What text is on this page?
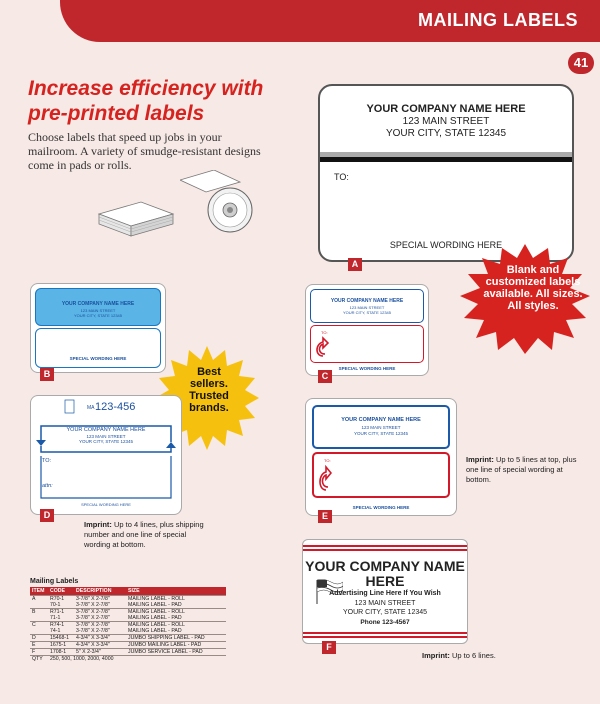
MAILING LABELS
41
Increase efficiency with pre-printed labels
Choose labels that speed up jobs in your mailroom. A variety of smudge-resistant designs come in pads or rolls.
YOUR COMPANY NAME HERE
123 MAIN STREET
YOUR CITY, STATE 12345
TO:
SPECIAL WORDING HERE
A	Blank and customized labels available. All sizes. All styles.
YOUR COMPANY NAME HERE
123 MAIN STREET
YOUR CITY, STATE 12345
SPECIAL WORDING HERE
B
YOUR COMPANY NAME HERE
123 MAIN STREET
YOUR CITY, STATE 12345
TO:
SPECIAL WORDING HERE
C
Best sellers. Trusted brands.
MA 123-456
YOUR COMPANY NAME HERE
123 MAIN STREET
YOUR CITY, STATE 12345
TO:
attn:
SPECIAL WORDING HERE
D
Imprint: Up to 4 lines, plus shipping number and one line of special wording at bottom.
YOUR COMPANY NAME HERE
123 MAIN STREET
YOUR CITY, STATE 12345
TO:
SPECIAL WORDING HERE
E
Imprint: Up to 5 lines at top, plus one line of special wording at bottom.
YOUR COMPANY NAME HERE
Advertising Line Here If You Wish
123 MAIN STREET
YOUR CITY, STATE 12345
Phone 123-4567
F
Imprint: Up to 6 lines.
Mailing Labels
ITEM	CODE	DESCRIPTION	SIZE
A	R70-1	3-7/8" X 2-7/8"	MAILING LABEL - ROLL
	70-1	3-7/8" X 2-7/8"	MAILING LABEL - PAD
B	R71-1	3-7/8" X 2-7/8"	MAILING LABEL - ROLL
	71-1	3-7/8" X 2-7/8"	MAILING LABEL - PAD
C	R74-1	3-7/8" X 2-7/8"	MAILING LABEL - ROLL
	74-1	3-7/8" X 2-7/8"	MAILING LABEL - PAD
D	15468-1	4-3/4" X 3-3/4"	JUMBO SHIPPING LABEL - PAD
E	1675-1	4-3/4" X 3-3/4"	JUMBO MAILING LABEL - PAD
F	1708-1	5" X 2-3/4"	JUMBO SERVICE LABEL - PAD
QTY	250, 500, 1000, 2000, 4000		
